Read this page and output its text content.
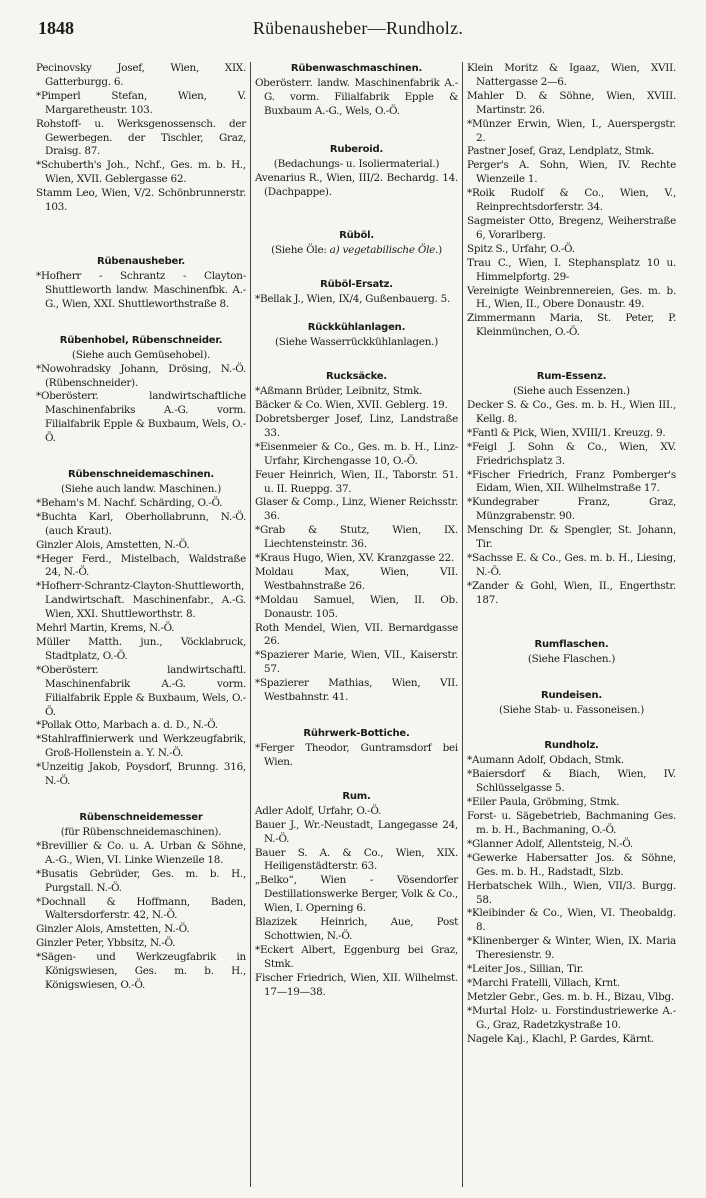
1848	Rübenausheber—Rundholz.

Pecinovsky Josef, Wien, XIX. Gatterburgg. 6.

*Pimperl Stefan, Wien, V. Margaretheustr. 103.

Rohstoff- u. Werksgenossensch. der Gewerbegen. der Tischler, Graz, Draisg. 87.

*Schuberth's Joh., Nchf., Ges. m. b. H., Wien, XVII. Geblergasse 62.

Stamm Leo, Wien, V/2. Schönbrunnerstr. 103.

Rübenausheber.

*Hofherr - Schrantz - Clayton-Shuttleworth landw. Maschinenfbk. A.-G., Wien, XXI. Shuttleworthstraße 8.

Rübenhobel, Rübenschneider.
(Siehe auch Gemüsehobel).

*Nowohradsky Johann, Drösing, N.-Ö. (Rübenschneider).

*Oberösterr. landwirtschaftliche Maschinenfabriks A.-G. vorm. Filialfabrik Epple & Buxbaum, Wels, O.-Ö.

Rübenschneidemaschinen.
(Siehe auch landw. Maschinen.)

*Beham's M. Nachf. Schärding, O.-Ö.

*Buchta Karl, Oberhollabrunn, N.-Ö. (auch Kraut).

Ginzler Alois, Amstetten, N.-Ö.

*Heger Ferd., Mistelbach, Waldstraße 24, N.-Ö.

*Hofherr-Schrantz-Clayton-Shuttleworth, Landwirtschaft. Maschinenfabr., A.-G. Wien, XXI. Shuttleworthstr. 8.

Mehrl Martin, Krems, N.-Ö.

Müller Matth. jun., Vöcklabruck, Stadtplatz, O.-Ö.

*Oberösterr. landwirtschaftl. Maschinenfabrik A.-G. vorm. Filialfabrik Epple & Buxbaum, Wels, O.-Ö.

*Pollak Otto, Marbach a. d. D., N.-Ö.

*Stahlraffinierwerk und Werkzeugfabrik, Groß-Hollenstein a. Y. N.-Ö.

*Unzeitig Jakob, Poysdorf, Brunng. 316, N.-Ö.

Rübenschneidemesser
(für Rübenschneidemaschinen).

*Brevillier & Co. u. A. Urban & Söhne, A.-G., Wien, VI. Linke Wienzeile 18.

*Busatis Gebrüder, Ges. m. b. H., Purgstall. N.-Ö.

*Dochnall & Hoffmann, Baden, Waltersdorferstr. 42, N.-Ö.

Ginzler Alois, Amstetten, N.-Ö.

Ginzler Peter, Ybbsitz, N.-Ö.

*Sägen- und Werkzeugfabrik in Königswiesen, Ges. m. b. H., Königswiesen, O.-Ö.

Rübenwaschmaschinen.

Oberösterr. landw. Maschinenfabrik A.-G. vorm. Filialfabrik Epple & Buxbaum A.-G., Wels, O.-Ö.

Ruberoid.
(Bedachungs- u. Isoliermaterial.)

Avenarius R., Wien, III/2. Bechardg. 14. (Dachpappe).

Rüböl.
(Siehe Öle: a) vegetabilische Öle.)
Rüböl-Ersatz.

*Bellak J., Wien, IX/4, Gußenbauerg. 5.

Rückkühlanlagen.
(Siehe Wasserrückkühlanlagen.)
Rucksäcke.

*Aßmann Brüder, Leibnitz, Stmk.

Bäcker & Co. Wien, XVII. Geblerg. 19.

Dobretsberger Josef, Linz, Landstraße 33.

*Eisenmeier & Co., Ges. m. b. H., Linz-Urfahr, Kirchengasse 10, O.-Ö.

Feuer Heinrich, Wien, II., Taborstr. 51. u. II. Rueppg. 37.

Glaser & Comp., Linz, Wiener Reichsstr. 36.

*Grab & Stutz, Wien, IX. Liechtensteinstr. 36.

*Kraus Hugo, Wien, XV. Kranzgasse 22.

Moldau Max, Wien, VII. Westbahnstraße 26.

*Moldau Samuel, Wien, II. Ob. Donaustr. 105.

Roth Mendel, Wien, VII. Bernardgasse 26.

*Spazierer Marie, Wien, VII., Kaiserstr. 57.

*Spazierer Mathias, Wien, VII. Westbahnstr. 41.

Rührwerk-Bottiche.

*Ferger Theodor, Guntramsdorf bei Wien.

Rum.

Adler Adolf, Urfahr, O.-Ö.

Bauer J., Wr.-Neustadt, Langegasse 24, N.-Ö.

Bauer S. A. & Co., Wien, XIX. Heiligenstädterstr. 63.

„Belko“, Wien - Vösendorfer Destillationswerke Berger, Volk & Co., Wien, I. Operning 6.

Blazizek Heinrich, Aue, Post Schottwien, N.-Ö.

*Eckert Albert, Eggenburg bei Graz, Stmk.

Fischer Friedrich, Wien, XII. Wilhelmst. 17—19—38.

Klein Moritz & Igaaz, Wien, XVII. Nattergasse 2—6.

Mahler D. & Söhne, Wien, XVIII. Martinstr. 26.

*Münzer Erwin, Wien, I., Auerspergstr. 2.

Pastner Josef, Graz, Lendplatz, Stmk.

Perger's A. Sohn, Wien, IV. Rechte Wienzeile 1.

*Roik Rudolf & Co., Wien, V., Reinprechtsdorferstr. 34.

Sagmeister Otto, Bregenz, Weiherstraße 6, Vorarlberg.

Spitz S., Urfahr, O.-Ö.

Trau C., Wien, I. Stephansplatz 10 u. Himmelpfortg. 29-

Vereinigte Weinbrennereien, Ges. m. b. H., Wien, II., Obere Donaustr. 49.

Zimmermann Maria, St. Peter, P. Kleinmünchen, O.-Ö.

Rum-Essenz.
(Siehe auch Essenzen.)

Decker S. & Co., Ges. m. b. H., Wien III., Kellg. 8.

*Fantl & Pick, Wien, XVIII/1. Kreuzg. 9.

*Feigl J. Sohn & Co., Wien, XV. Friedrichsplatz 3.

*Fischer Friedrich, Franz Pomberger's Eidam, Wien, XII. Wilhelmstraße 17.

*Kundegraber Franz, Graz, Münzgrabenstr. 90.

Mensching Dr. & Spengler, St. Johann, Tir.

*Sachsse E. & Co., Ges. m. b. H., Liesing, N.-Ö.

*Zander & Gohl, Wien, II., Engerthstr. 187.

Rumflaschen.
(Siehe Flaschen.)
Rundeisen.
(Siehe Stab- u. Fassoneisen.)
Rundholz.

*Aumann Adolf, Obdach, Stmk.

*Baiersdorf & Biach, Wien, IV. Schlüsselgasse 5.

*Eiler Paula, Gröbming, Stmk.

Forst- u. Sägebetrieb, Bachmaning Ges. m. b. H., Bachmaning, O.-Ö.

*Glanner Adolf, Allentsteig, N.-Ö.

*Gewerke Habersatter Jos. & Söhne, Ges. m. b. H., Radstadt, Slzb.

Herbatschek Wilh., Wien, VII/3. Burgg. 58.

*Kleibinder & Co., Wien, VI. Theobaldg. 8.

*Klinenberger & Winter, Wien, IX. Maria Theresienstr. 9.

*Leiter Jos., Sillian, Tir.

*Marchi Fratelli, Villach, Krnt.

Metzler Gebr., Ges. m. b. H., Bizau, Vlbg.

*Murtal Holz- u. Forstindustriewerke A.-G., Graz, Radetzkystraße 10.

Nagele Kaj., Klachl, P. Gardes, Kärnt.
